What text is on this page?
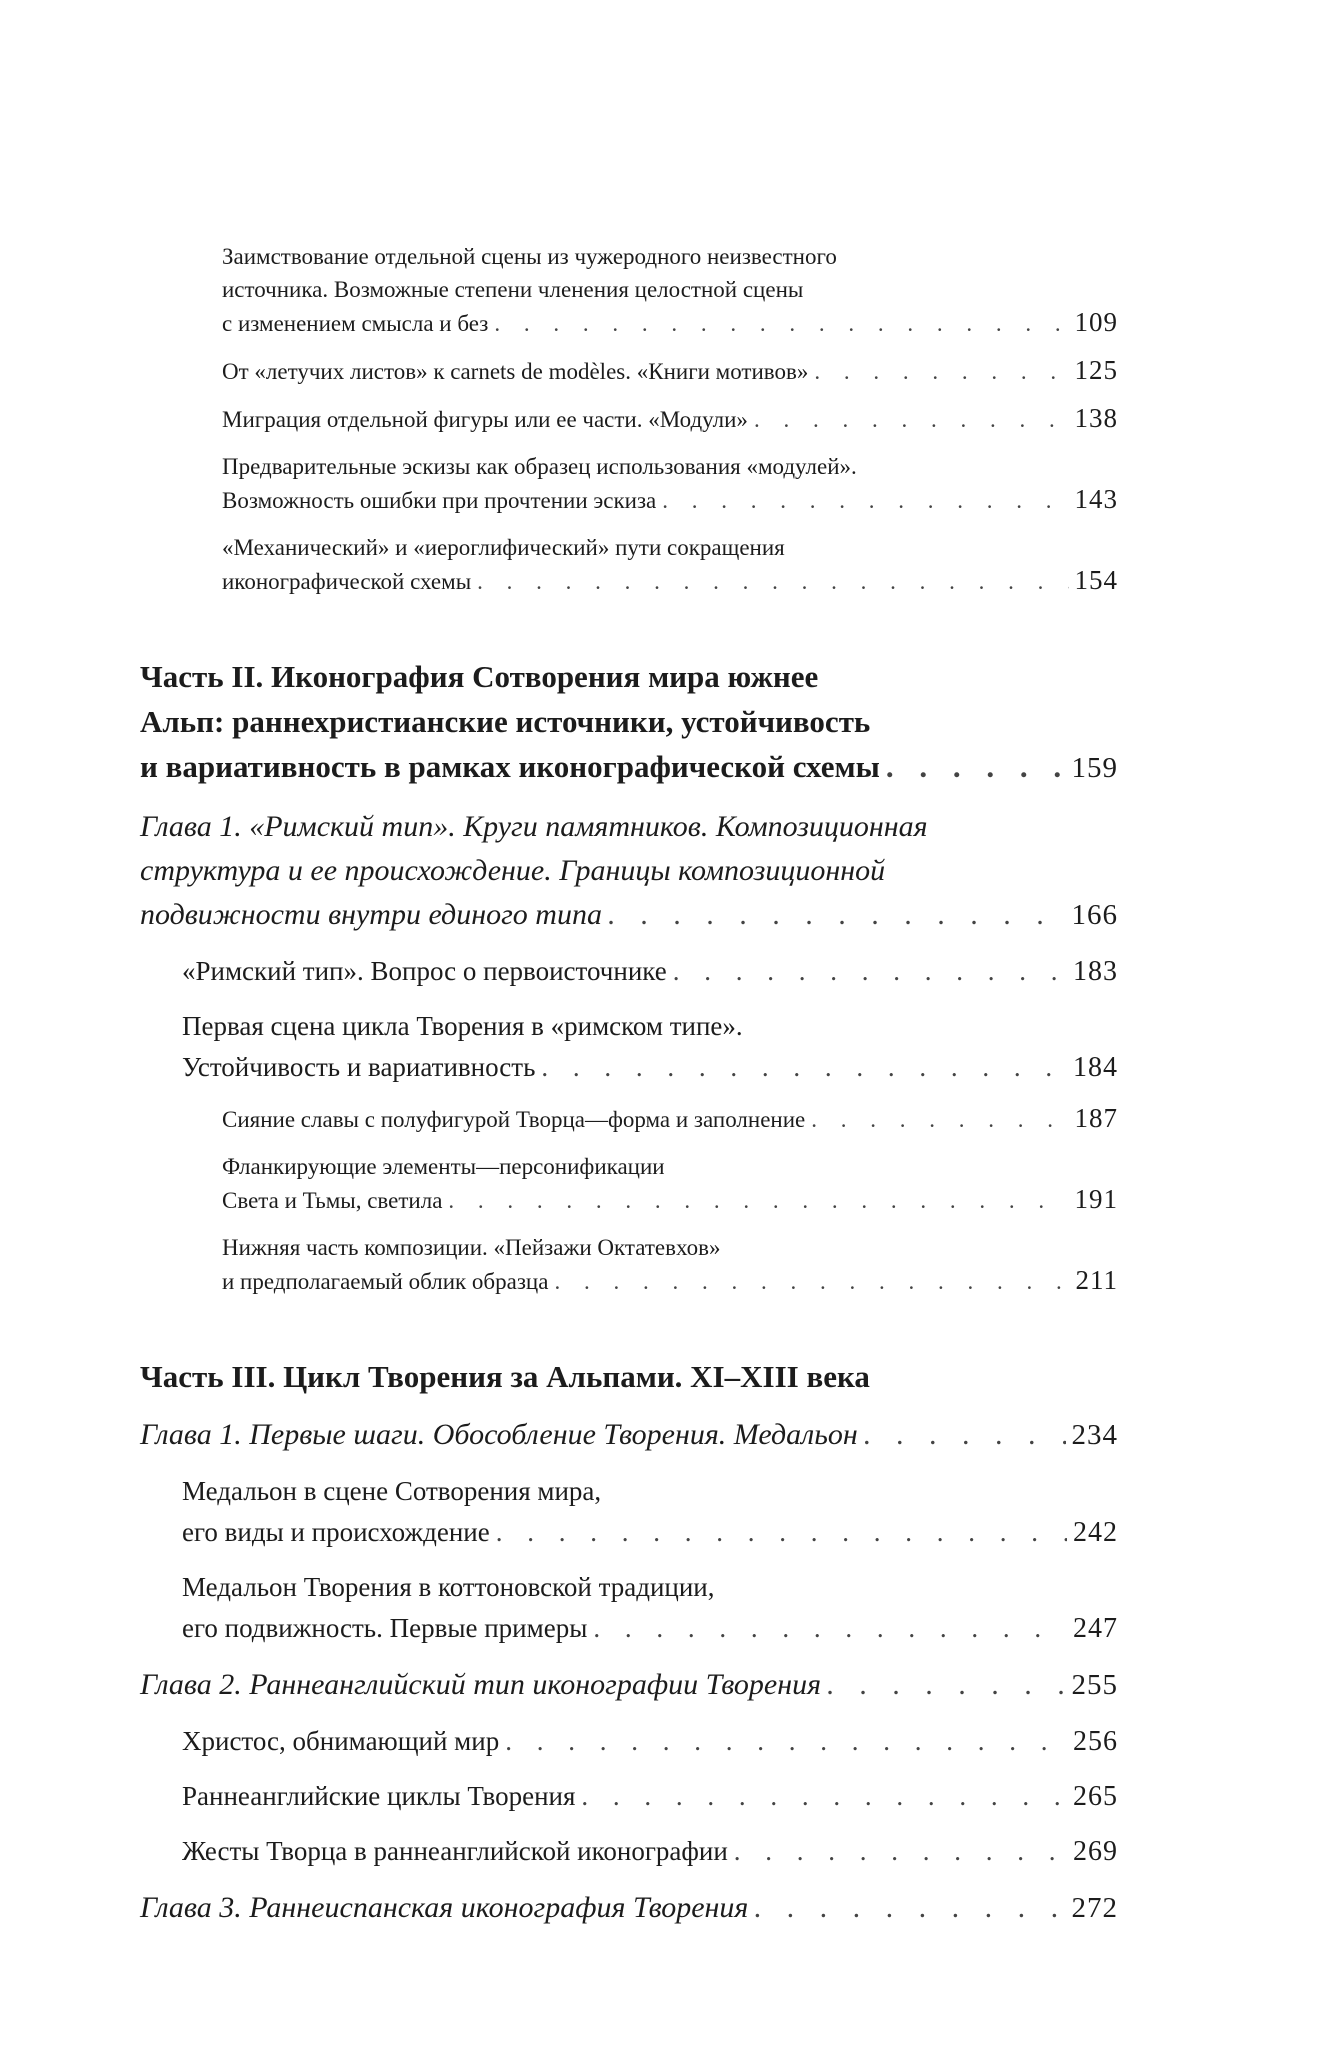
Заимствование отдельной сцены из чужеродного неизвестного
источника. Возможные степени членения целостной сцены
с изменением смысла и без . . .	109
От «летучих листов» к carnets de modèles. «Книги мотивов» . . .	125
Миграция отдельной фигуры или ее части. «Модули» . . .	138
Предварительные эскизы как образец использования «модулей».
Возможность ошибки при прочтении эскиза . . .	143
«Механический» и «иероглифический» пути сокращения
иконографической схемы . . .	154
Часть II. Иконография Сотворения мира южнее
Альп: раннехристианские источники, устойчивость
и вариативность в рамках иконографической схемы . . .	159
Глава 1. «Римский тип». Круги памятников. Композиционная
структура и ее происхождение. Границы композиционной
подвижности внутри единого типа . . .	166
«Римский тип». Вопрос о первоисточнике . . .	183
Первая сцена цикла Творения в «римском типе».
Устойчивость и вариативность . . .	184
Сияние славы с полуфигурой Творца—форма и заполнение . . .	187
Фланкирующие элементы—персонификации
Света и Тьмы, светила . . .	191
Нижняя часть композиции. «Пейзажи Октатевхов»
и предполагаемый облик образца . . .	211
Часть III. Цикл Творения за Альпами. XI–XIII века
Глава 1. Первые шаги. Обособление Творения. Медальон . . .	234
Медальон в сцене Сотворения мира,
его виды и происхождение . . .	242
Медальон Творения в коттоновской традиции,
его подвижность. Первые примеры . . .	247
Глава 2. Раннеанглийский тип иконографии Творения . . .	255
Христос, обнимающий мир . . .	256
Раннеанглийские циклы Творения . . .	265
Жесты Творца в раннеанглийской иконографии . . .	269
Глава 3. Раннеиспанская иконография Творения . . .	272
